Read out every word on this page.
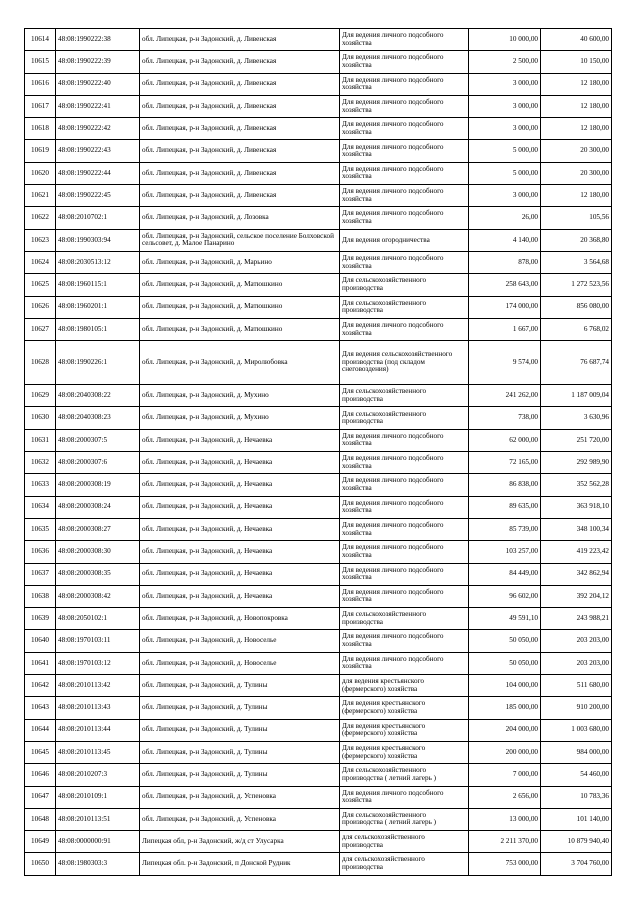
10614	48:08:1990222:38	обл. Липецкая, р-н Задонский, д. Ливенская	Для ведения личного подсобного хозяйства	10 000,00	40 600,00
10615	48:08:1990222:39	обл. Липецкая, р-н Задонский, д. Ливенская	Для ведения личного подсобного хозяйства	2 500,00	10 150,00
10616	48:08:1990222:40	обл. Липецкая, р-н Задонский, д. Ливенская	Для ведения личного подсобного хозяйства	3 000,00	12 180,00
10617	48:08:1990222:41	обл. Липецкая, р-н Задонский, д. Ливенская	Для ведения личного подсобного хозяйства	3 000,00	12 180,00
10618	48:08:1990222:42	обл. Липецкая, р-н Задонский, д. Ливенская	Для ведения личного подсобного хозяйства	3 000,00	12 180,00
10619	48:08:1990222:43	обл. Липецкая, р-н Задонский, д. Ливенская	Для ведения личного подсобного хозяйства	5 000,00	20 300,00
10620	48:08:1990222:44	обл. Липецкая, р-н Задонский, д. Ливенская	Для ведения личного подсобного хозяйства	5 000,00	20 300,00
10621	48:08:1990222:45	обл. Липецкая, р-н Задонский, д. Ливенская	Для ведения личного подсобного хозяйства	3 000,00	12 180,00
10622	48:08:2010702:1	обл. Липецкая, р-н Задонский, д. Лозовка	Для ведения личного подсобного хозяйства	26,00	105,56
10623	48:08:1990303:94	обл. Липецкая, р-н Задонский, сельское поселение Болховской сельсовет, д. Малое Панарино	Для ведения огородничества	4 140,00	20 368,80
10624	48:08:2030513:12	обл. Липецкая, р-н Задонский, д. Марьино	Для ведения личного подсобного хозяйства	878,00	3 564,68
10625	48:08:1960115:1	обл. Липецкая, р-н Задонский, д. Матюшкино	Для сельскохозяйственного производства	258 643,00	1 272 523,56
10626	48:08:1960201:1	обл. Липецкая, р-н Задонский, д. Матюшкино	Для сельскохозяйственного производства	174 000,00	856 080,00
10627	48:08:1980105:1	обл. Липецкая, р-н Задонский, д. Матюшкино	Для ведения личного подсобного хозяйства	1 667,00	6 768,02
10628	48:08:1990226:1	обл. Липецкая, р-н Задонский, д. Миролюбовка	Для ведения сельскохозяйственного производства (под складом снеговоздения)	9 574,00	76 687,74
10629	48:08:2040308:22	обл. Липецкая, р-н Задонский, д. Мухино	Для сельскохозяйственного производства	241 262,00	1 187 009,04
10630	48:08:2040308:23	обл. Липецкая, р-н Задонский, д. Мухино	Для сельскохозяйственного производства	738,00	3 630,96
10631	48:08:2000307:5	обл. Липецкая, р-н Задонский, д. Нечаевка	Для ведения личного подсобного хозяйства	62 000,00	251 720,00
10632	48:08:2000307:6	обл. Липецкая, р-н Задонский, д. Нечаевка	Для ведения личного подсобного хозяйства	72 165,00	292 989,90
10633	48:08:2000308:19	обл. Липецкая, р-н Задонский, д. Нечаевка	Для ведения личного подсобного хозяйства	86 838,00	352 562,28
10634	48:08:2000308:24	обл. Липецкая, р-н Задонский, д. Нечаевка	Для ведения личного подсобного хозяйства	89 635,00	363 918,10
10635	48:08:2000308:27	обл. Липецкая, р-н Задонский, д. Нечаевка	Для ведения личного подсобного хозяйства	85 739,00	348 100,34
10636	48:08:2000308:30	обл. Липецкая, р-н Задонский, д. Нечаевка	Для ведения личного подсобного хозяйства	103 257,00	419 223,42
10637	48:08:2000308:35	обл. Липецкая, р-н Задонский, д. Нечаевка	Для ведения личного подсобного хозяйства	84 449,00	342 862,94
10638	48:08:2000308:42	обл. Липецкая, р-н Задонский, д. Нечаевка	Для ведения личного подсобного хозяйства	96 602,00	392 204,12
10639	48:08:2050102:1	обл. Липецкая, р-н Задонский, д. Новопокровка	Для сельскохозяйственного производства	49 591,10	243 988,21
10640	48:08:1970103:11	обл. Липецкая, р-н Задонский, д. Новоселье	Для ведения личного подсобного хозяйства	50 050,00	203 203,00
10641	48:08:1970103:12	обл. Липецкая, р-н Задонский, д. Новоселье	Для ведения личного подсобного хозяйства	50 050,00	203 203,00
10642	48:08:2010113:42	обл. Липецкая, р-н Задонский, д. Тулины	для ведения крестьянского (фермерского) хозяйства	104 000,00	511 680,00
10643	48:08:2010113:43	обл. Липецкая, р-н Задонский, д. Тулины	Для ведения крестьянского (фермерского) хозяйства	185 000,00	910 200,00
10644	48:08:2010113:44	обл. Липецкая, р-н Задонский, д. Тулины	Для ведения крестьянского (фермерского) хозяйства	204 000,00	1 003 680,00
10645	48:08:2010113:45	обл. Липецкая, р-н Задонский, д. Тулины	Для ведения крестьянского (фермерского) хозяйства	200 000,00	984 000,00
10646	48:08:2010207:3	обл. Липецкая, р-н Задонский, д. Тулины	Для сельскохозяйственного производства ( летний лагерь )	7 000,00	54 460,00
10647	48:08:2010109:1	обл. Липецкая, р-н Задонский, д. Успеновка	Для ведения личного подсобного хозяйства	2 656,00	10 783,36
10648	48:08:2010113:51	обл. Липецкая, р-н Задонский, д. Успеновка	Для сельскохозяйственного производства ( летний лагерь )	13 000,00	101 140,00
10649	48:08:0000000:91	Липецкая обл, р-н Задонский, ж/д ст Улусарка	для сельскохозяйственного производства	2 211 370,00	10 879 940,40
10650	48:08:1980303:3	Липецкая обл. р-н Задонский, п Донской Рудник	для сельскохозяйственного производства	753 000,00	3 704 760,00
